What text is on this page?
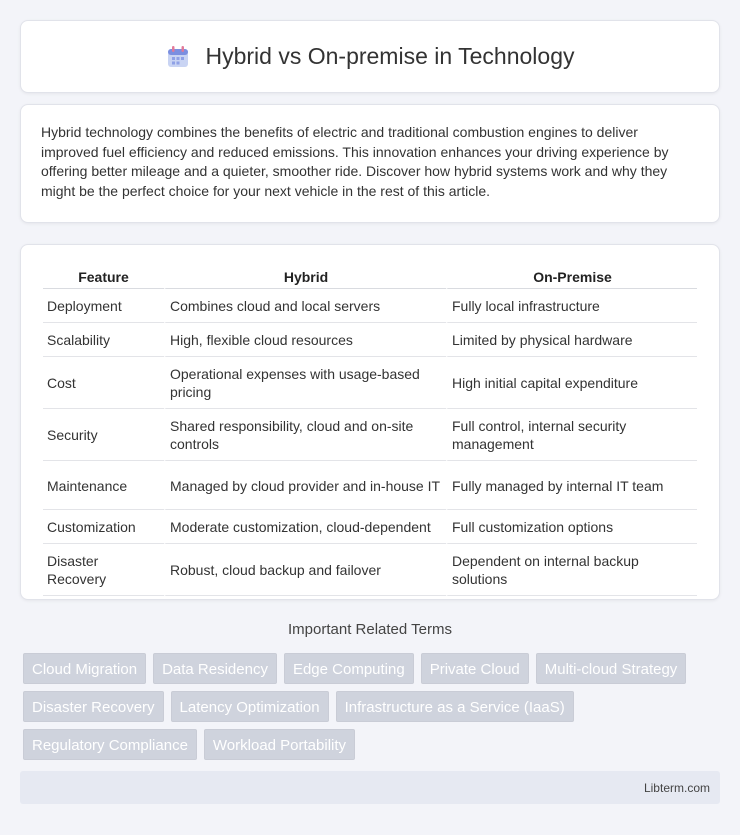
Hybrid vs On-premise in Technology

Hybrid technology combines the benefits of electric and traditional combustion engines to deliver improved fuel efficiency and reduced emissions. This innovation enhances your driving experience by offering better mileage and a quieter, smoother ride. Discover how hybrid systems work and why they might be the perfect choice for your next vehicle in the rest of this article.

Feature	Hybrid	On-Premise
Deployment	Combines cloud and local servers	Fully local infrastructure
Scalability	High, flexible cloud resources	Limited by physical hardware
Cost	Operational expenses with usage-based pricing	High initial capital expenditure
Security	Shared responsibility, cloud and on-site controls	Full control, internal security management
Maintenance	Managed by cloud provider and in-house IT	Fully managed by internal IT team
Customization	Moderate customization, cloud-dependent	Full customization options
Disaster Recovery	Robust, cloud backup and failover	Dependent on internal backup solutions
Important Related Terms
Cloud Migration	Data Residency	Edge Computing	Private Cloud	Multi-cloud Strategy
Disaster Recovery	Latency Optimization	Infrastructure as a Service (IaaS)
Regulatory Compliance	Workload Portability
Libterm.com
